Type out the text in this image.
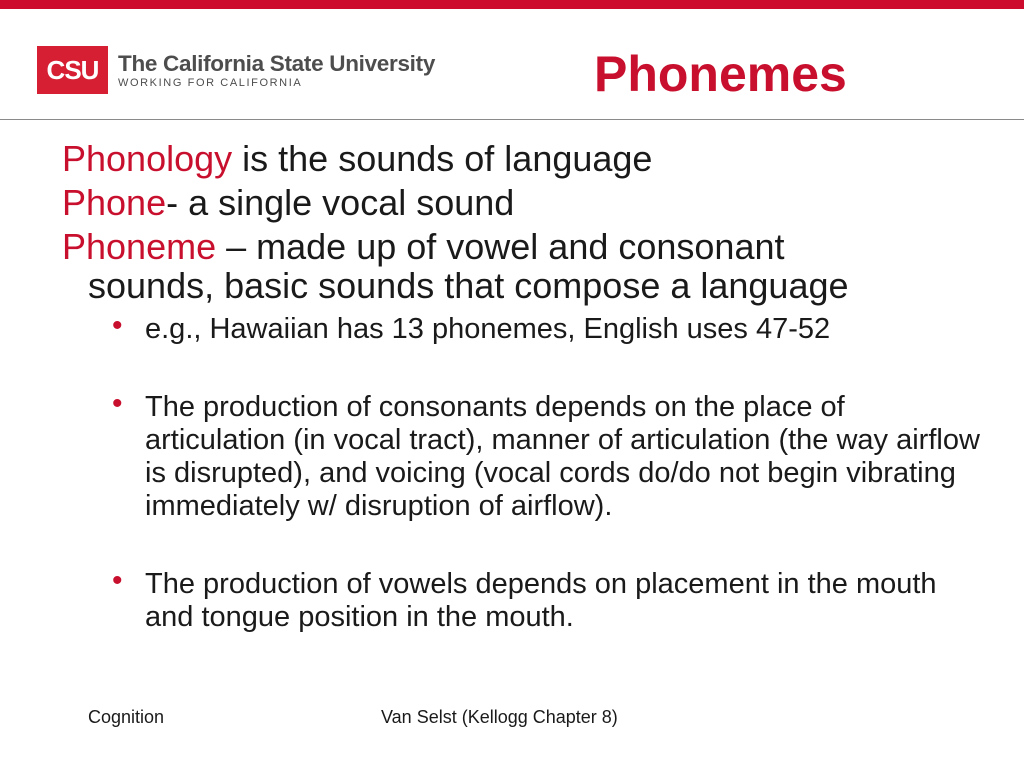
CSU The California State University
WORKING FOR CALIFORNIA	Phonemes
Phonology is the sounds of language
Phone- a single vocal sound
Phoneme – made up of vowel and consonant
sounds, basic sounds that compose a language
• e.g., Hawaiian has 13 phonemes, English uses 47-52
• The production of consonants depends on the place of articulation (in vocal tract), manner of articulation (the way airflow is disrupted), and voicing (vocal cords do/do not begin vibrating immediately w/ disruption of airflow).
• The production of vowels depends on placement in the mouth and tongue position in the mouth.
Cognition	Van Selst (Kellogg Chapter 8)
